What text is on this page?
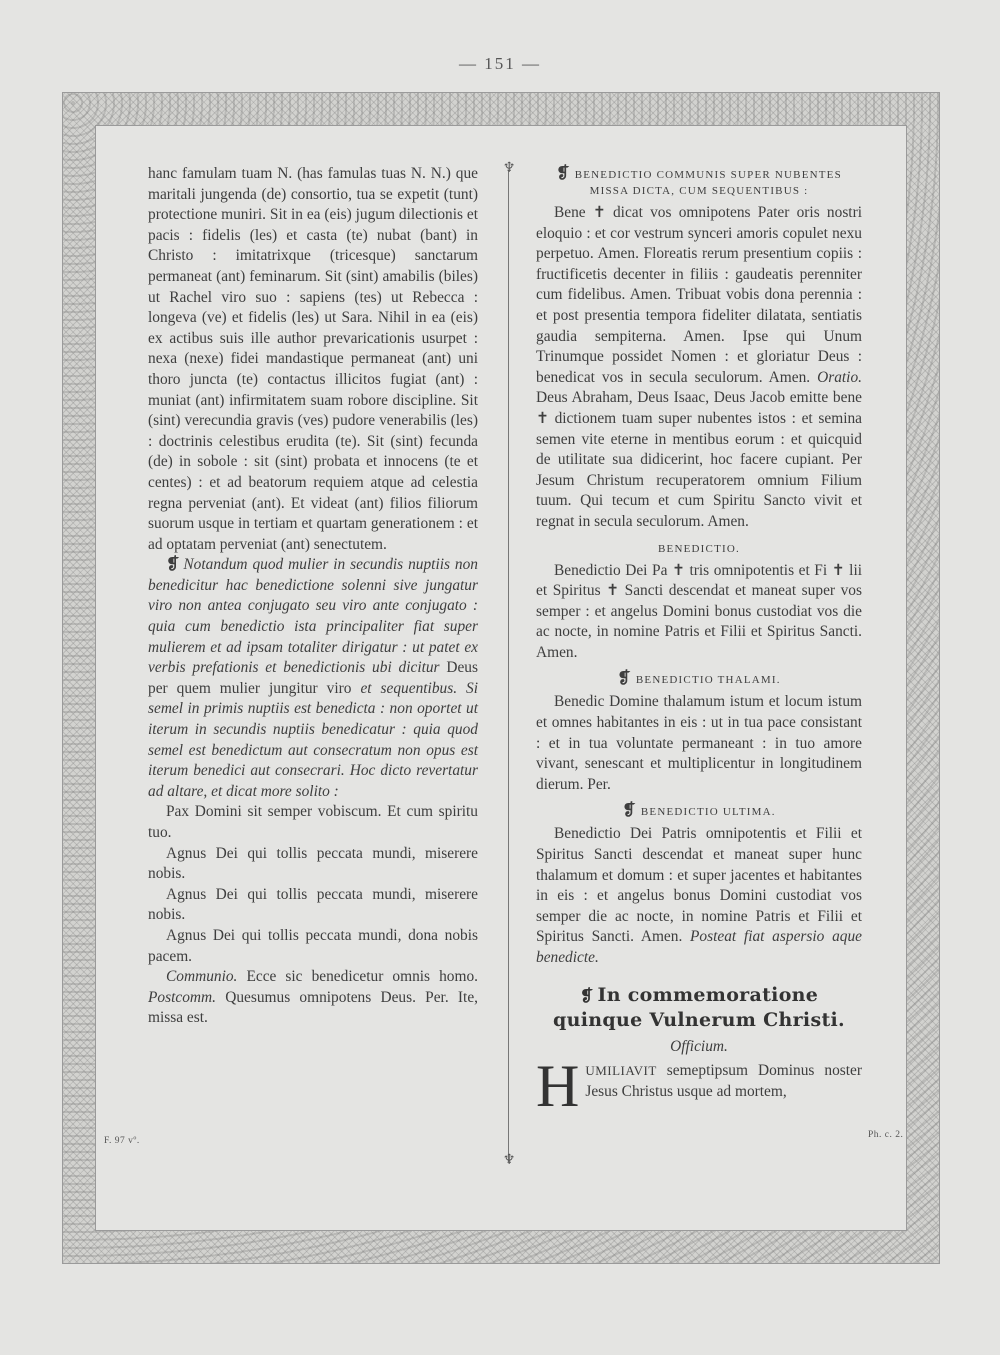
— 151 —
♆
♆

hanc famulam tuam N. (has famulas tuas N. N.) que maritali jungenda (de) consortio, tua se expetit (tunt) protectione muniri. Sit in ea (eis) jugum dilectionis et pacis : fidelis (les) et casta (te) nubat (bant) in Christo : imitatrixque (tricesque) sanctarum permaneat (ant) feminarum. Sit (sint) amabilis (biles) ut Rachel viro suo : sapiens (tes) ut Rebecca : longeva (ve) et fidelis (les) ut Sara. Nihil in ea (eis) ex actibus suis ille author prevaricationis usurpet : nexa (nexe) fidei mandastique permaneat (ant) uni thoro juncta (te) contactus illicitos fugiat (ant) : muniat (ant) infirmitatem suam robore discipline. Sit (sint) verecundia gravis (ves) pudore venerabilis (les) : doctrinis celestibus erudita (te). Sit (sint) fecunda (de) in sobole : sit (sint) probata et innocens (te et centes) : et ad beatorum requiem atque ad celestia regna perveniat (ant). Et videat (ant) filios filiorum suorum usque in tertiam et quartam generationem : et ad optatam perveniat (ant) senectutem.

❡ Notandum quod mulier in secundis nuptiis non benedicitur hac benedictione solenni sive jungatur viro non antea conjugato seu viro ante conjugato : quia cum benedictio ista principaliter fiat super mulierem et ad ipsam totaliter dirigatur : ut patet ex verbis prefationis et benedictionis ubi dicitur Deus per quem mulier jungitur viro et sequentibus. Si semel in primis nuptiis est benedicta : non oportet ut iterum in secundis nuptiis benedicatur : quia quod semel est benedictum aut consecratum non opus est iterum benedici aut consecrari. Hoc dicto revertatur ad altare, et dicat more solito :

Pax Domini sit semper vobiscum. Et cum spiritu tuo.

Agnus Dei qui tollis peccata mundi, miserere nobis.

Agnus Dei qui tollis peccata mundi, miserere nobis.

Agnus Dei qui tollis peccata mundi, dona nobis pacem.

Communio. Ecce sic benedicetur omnis homo. Postcomm. Quesumus omnipotens Deus. Per. Ite, missa est.

F. 97 vº.
❡ BENEDICTIO COMMUNIS SUPER NUBENTES MISSA DICTA, CUM SEQUENTIBUS :

Bene ✝ dicat vos omnipotens Pater oris nostri eloquio : et cor vestrum synceri amoris copulet nexu perpetuo. Amen. Floreatis rerum presentium copiis : fructificetis decenter in filiis : gaudeatis perenniter cum fidelibus. Amen. Tribuat vobis dona perennia : et post presentia tempora fideliter dilatata, sentiatis gaudia sempiterna. Amen. Ipse qui Unum Trinumque possidet Nomen : et gloriatur Deus : benedicat vos in secula seculorum. Amen. Oratio. Deus Abraham, Deus Isaac, Deus Jacob emitte bene ✝ dictionem tuam super nubentes istos : et semina semen vite eterne in mentibus eorum : et quicquid de utilitate sua didicerint, hoc facere cupiant. Per Jesum Christum recuperatorem omnium Filium tuum. Qui tecum et cum Spiritu Sancto vivit et regnat in secula seculorum. Amen.

BENEDICTIO.

Benedictio Dei Pa ✝ tris omnipotentis et Fi ✝ lii et Spiritus ✝ Sancti descendat et maneat super vos semper : et angelus Domini bonus custodiat vos die ac nocte, in nomine Patris et Filii et Spiritus Sancti. Amen.

❡ BENEDICTIO THALAMI.

Benedic Domine thalamum istum et locum istum et omnes habitantes in eis : ut in tua pace consistant : et in tua voluntate permaneant : in tuo amore vivant, senescant et multiplicentur in longitudinem dierum. Per.

❡ BENEDICTIO ULTIMA.

Benedictio Dei Patris omnipotentis et Filii et Spiritus Sancti descendat et maneat super hunc thalamum et domum : et super jacentes et habitantes in eis : et angelus bonus Domini custodiat vos semper die ac nocte, in nomine Patris et Filii et Spiritus Sancti. Amen. Posteat fiat aspersio aque benedicte.

❡ In commemoratione quinque Vulnerum Christi.
Officium.
H UMILIAVIT semeptipsum Dominus noster Jesus Christus usque ad mortem,
Ph. c. 2.
